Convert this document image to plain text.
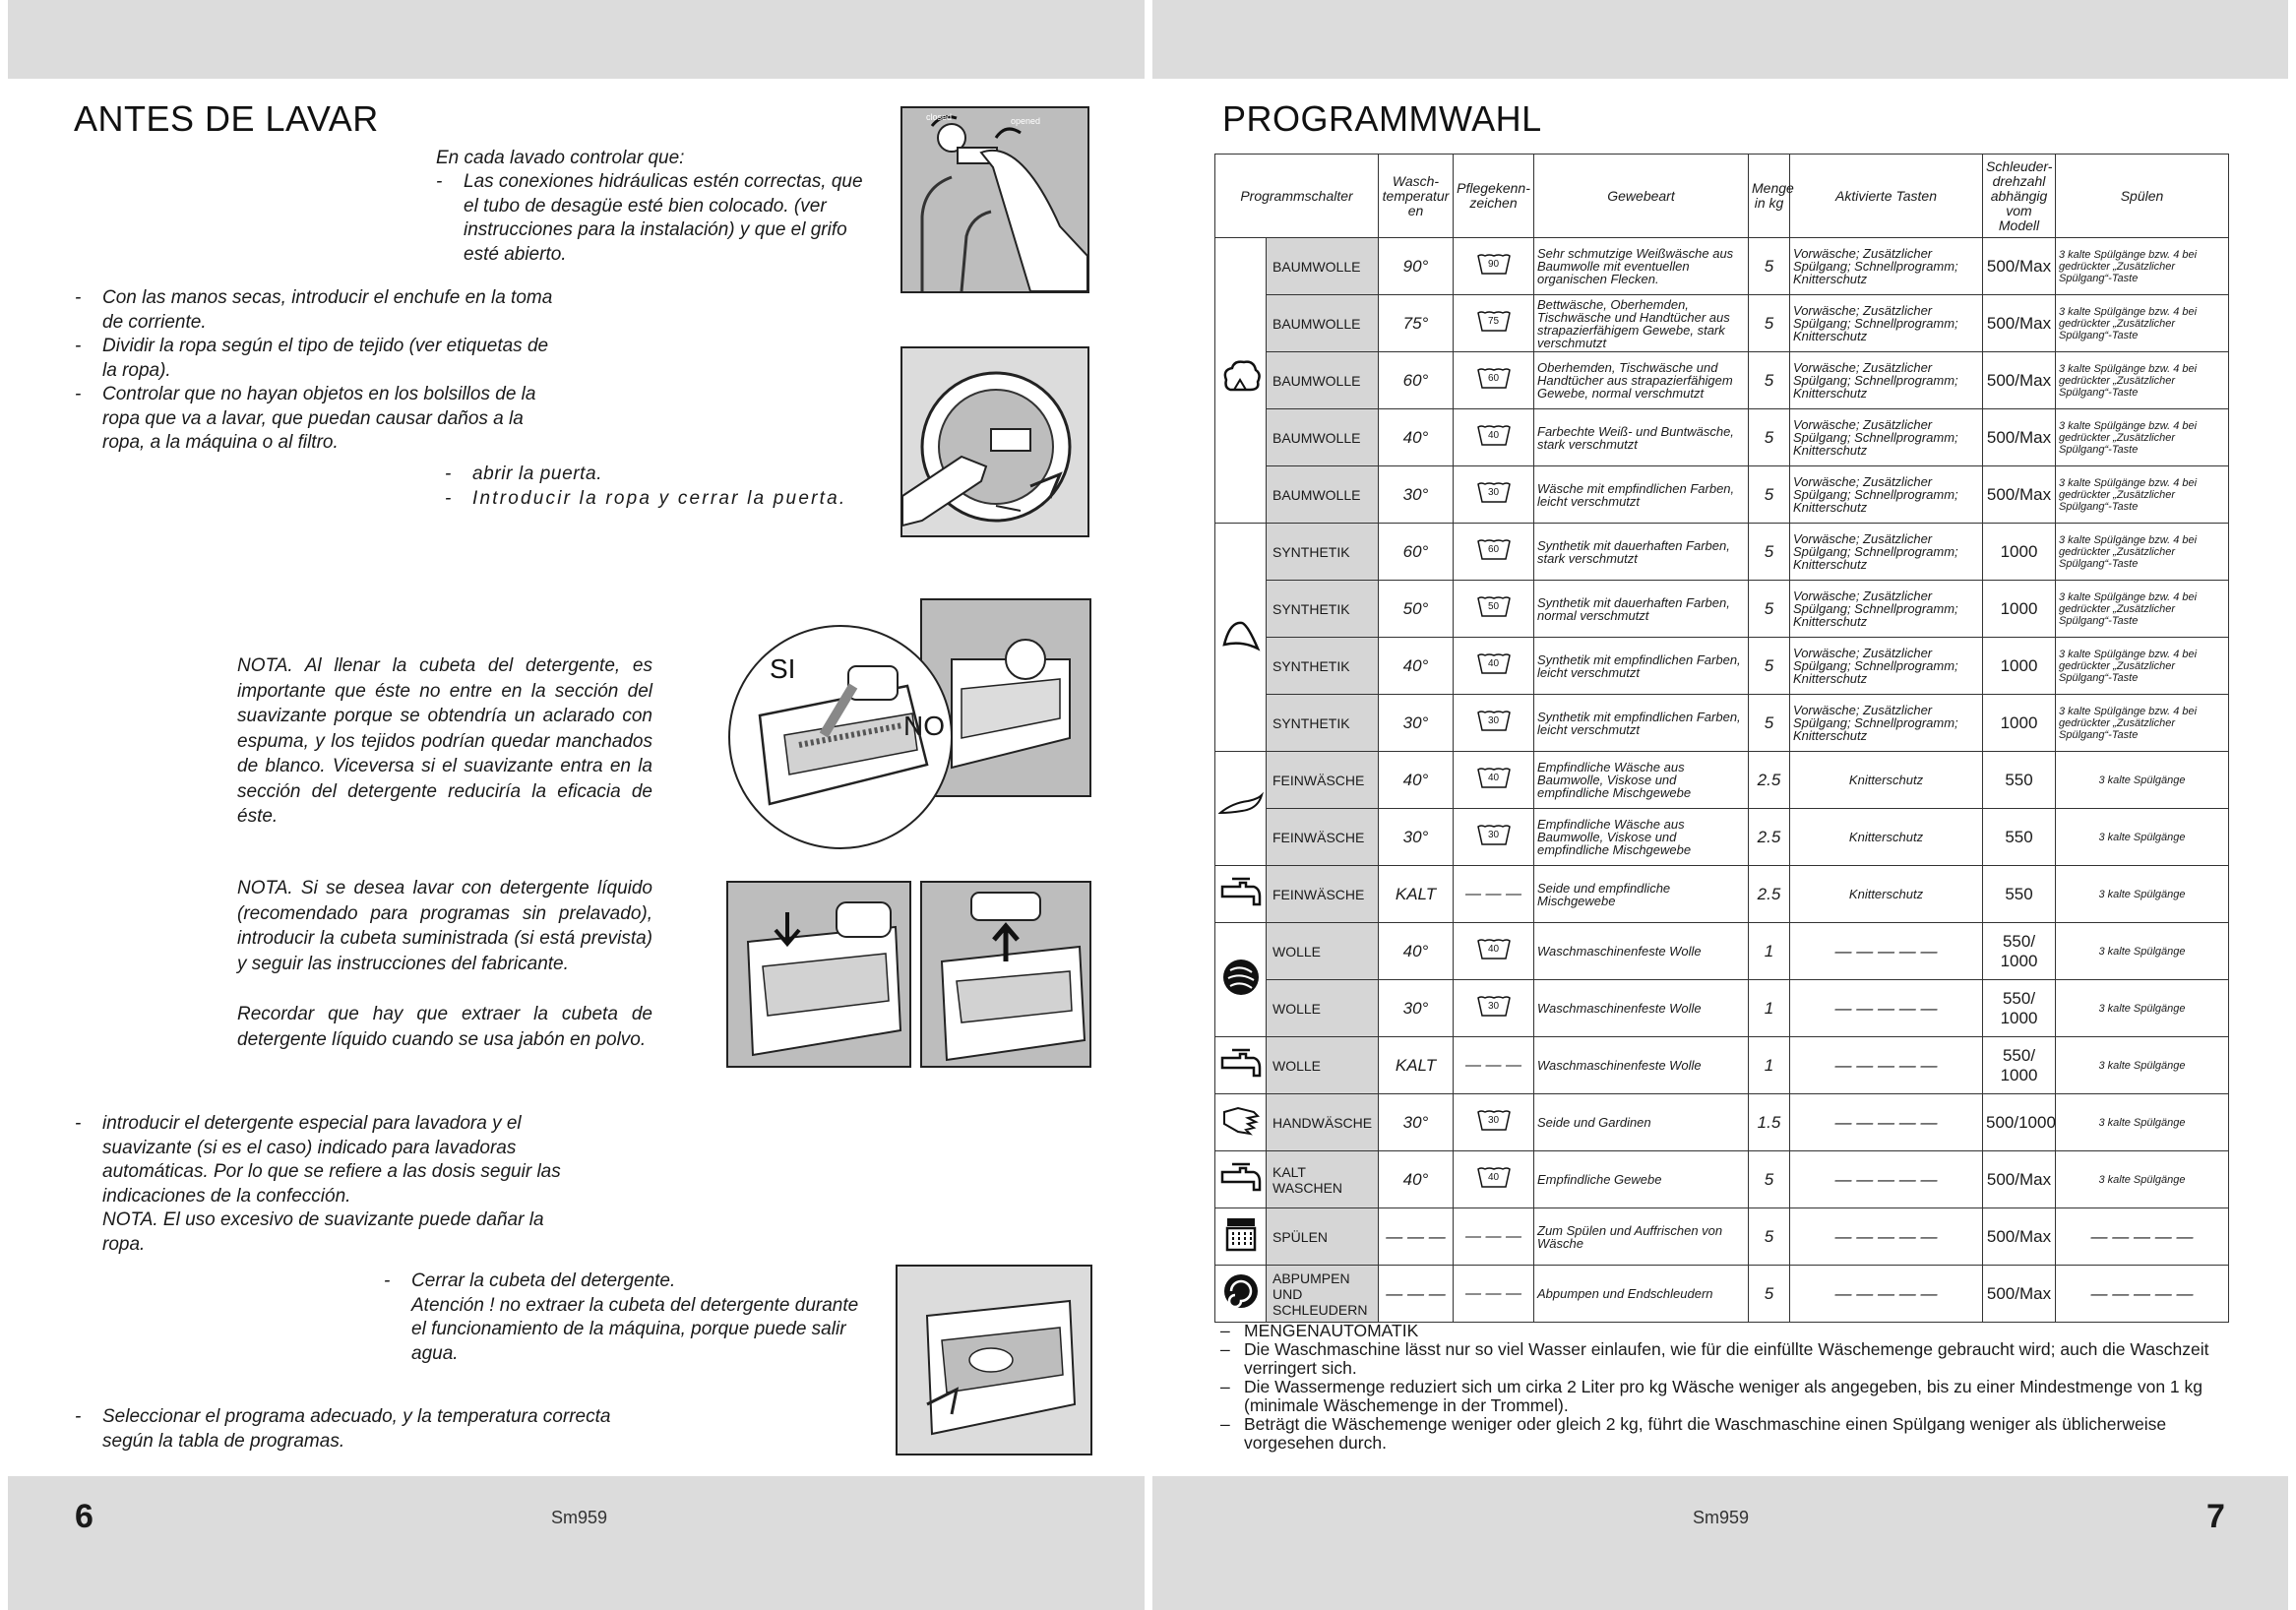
ANTES DE LAVAR

En cada lavado controlar que:

- Las conexiones hidráulicas estén correctas, que el tubo de desagüe esté bien colocado. (ver instrucciones para la instalación) y que el grifo esté abierto.
- Con las manos secas, introducir el enchufe en la toma de corriente.
- Dividir la ropa según el tipo de tejido (ver etiquetas de la ropa).
- Controlar que no hayan objetos en los bolsillos de la ropa que va a lavar, que puedan causar daños a la ropa, a la máquina o al filtro.
- abrir la puerta.
- Introducir la ropa y cerrar la puerta.

NOTA. Al llenar la cubeta del detergente, es importante que éste no entre en la sección del suavizante porque se obtendría un aclarado con espuma, y los tejidos podrían quedar manchados de blanco. Viceversa si el suavizante entra en la sección del detergente reduciría la eficacia de éste.

NOTA. Si se desea lavar con detergente líquido (recomendado para programas sin prelavado), introducir la cubeta suministrada (si está prevista) y seguir las instrucciones del fabricante.

Recordar que hay que extraer la cubeta de detergente líquido cuando se usa jabón en polvo.

- introducir el detergente especial para lavadora y el suavizante (si es el caso) indicado para lavadoras automáticas. Por lo que se refiere a las dosis seguir las indicaciones de la confección.
NOTA. El uso excesivo de suavizante puede dañar la ropa.
- Cerrar la cubeta del detergente.
Atención ! no extraer la cubeta del detergente durante el funcionamiento de la máquina, porque puede salir agua.
- Seleccionar el programa adecuado, y la temperatura correcta según la tabla de programas.
closed	opened
SI
NO
6	Sm959
PROGRAMMWAHL
Programmschalter		Wasch-temperatur en	Pflegekenn-zeichen	Gewebeart	Menge in kg	Aktivierte Tasten	Schleuder-drehzahl abhängig vom Modell	Spülen
	BAUMWOLLE	90°	90	Sehr schmutzige Weißwäsche aus Baumwolle mit eventuellen organischen Flecken.	5	Vorwäsche; Zusätzlicher Spülgang; Schnellprogramm; Knitterschutz	500/Max	3 kalte Spülgänge bzw. 4 bei gedrückter „Zusätzlicher Spülgang“-Taste
	BAUMWOLLE	75°	75	Bettwäsche, Oberhemden, Tischwäsche und Handtücher aus strapazierfähigem Gewebe, stark verschmutzt	5	Vorwäsche; Zusätzlicher Spülgang; Schnellprogramm; Knitterschutz	500/Max	3 kalte Spülgänge bzw. 4 bei gedrückter „Zusätzlicher Spülgang“-Taste
	BAUMWOLLE	60°	60	Oberhemden, Tischwäsche und Handtücher aus strapazierfähigem Gewebe, normal verschmutzt	5	Vorwäsche; Zusätzlicher Spülgang; Schnellprogramm; Knitterschutz	500/Max	3 kalte Spülgänge bzw. 4 bei gedrückter „Zusätzlicher Spülgang“-Taste
	BAUMWOLLE	40°	40	Farbechte Weiß- und Buntwäsche, stark verschmutzt	5	Vorwäsche; Zusätzlicher Spülgang; Schnellprogramm; Knitterschutz	500/Max	3 kalte Spülgänge bzw. 4 bei gedrückter „Zusätzlicher Spülgang“-Taste
	BAUMWOLLE	30°	30	Wäsche mit empfindlichen Farben, leicht verschmutzt	5	Vorwäsche; Zusätzlicher Spülgang; Schnellprogramm; Knitterschutz	500/Max	3 kalte Spülgänge bzw. 4 bei gedrückter „Zusätzlicher Spülgang“-Taste
	SYNTHETIK	60°	60	Synthetik mit dauerhaften Farben, stark verschmutzt	5	Vorwäsche; Zusätzlicher Spülgang; Schnellprogramm; Knitterschutz	1000	3 kalte Spülgänge bzw. 4 bei gedrückter „Zusätzlicher Spülgang“-Taste
	SYNTHETIK	50°	50	Synthetik mit dauerhaften Farben, normal verschmutzt	5	Vorwäsche; Zusätzlicher Spülgang; Schnellprogramm; Knitterschutz	1000	3 kalte Spülgänge bzw. 4 bei gedrückter „Zusätzlicher Spülgang“-Taste
	SYNTHETIK	40°	40	Synthetik mit empfindlichen Farben, leicht verschmutzt	5	Vorwäsche; Zusätzlicher Spülgang; Schnellprogramm; Knitterschutz	1000	3 kalte Spülgänge bzw. 4 bei gedrückter „Zusätzlicher Spülgang“-Taste
	SYNTHETIK	30°	30	Synthetik mit empfindlichen Farben, leicht verschmutzt	5	Vorwäsche; Zusätzlicher Spülgang; Schnellprogramm; Knitterschutz	1000	3 kalte Spülgänge bzw. 4 bei gedrückter „Zusätzlicher Spülgang“-Taste
	FEINWÄSCHE	40°	40	Empfindliche Wäsche aus Baumwolle, Viskose und empfindliche Mischgewebe	2.5	Knitterschutz	550	3 kalte Spülgänge
	FEINWÄSCHE	30°	30	Empfindliche Wäsche aus Baumwolle, Viskose und empfindliche Mischgewebe	2.5	Knitterschutz	550	3 kalte Spülgänge
	FEINWÄSCHE	KALT	— — —	Seide und empfindliche Mischgewebe	2.5	Knitterschutz	550	3 kalte Spülgänge
	WOLLE	40°	40	Waschmaschinenfeste Wolle	1	— — — — —	550/ 1000	3 kalte Spülgänge
	WOLLE	30°	30	Waschmaschinenfeste Wolle	1	— — — — —	550/ 1000	3 kalte Spülgänge
	WOLLE	KALT	— — —	Waschmaschinenfeste Wolle	1	— — — — —	550/ 1000	3 kalte Spülgänge
	HANDWÄSCHE	30°	30	Seide und Gardinen	1.5	— — — — —	500/1000	3 kalte Spülgänge
	KALT WASCHEN	40°	40	Empfindliche Gewebe	5	— — — — —	500/Max	3 kalte Spülgänge
	SPÜLEN	— — —	— — —	Zum Spülen und Auffrischen von Wäsche	5	— — — — —	500/Max	— — — — —
	ABPUMPEN UND SCHLEUDERN	— — —	— — —	Abpumpen und Endschleudern	5	— — — — —	500/Max	— — — — —
– MENGENAUTOMATIK
– Die Waschmaschine lässt nur so viel Wasser einlaufen, wie für die einfüllte Wäschemenge gebraucht wird; auch die Waschzeit verringert sich.
– Die Wassermenge reduziert sich um cirka 2 Liter pro kg Wäsche weniger als angegeben, bis zu einer Mindestmenge von 1 kg (minimale Wäschemenge in der Trommel).
– Beträgt die Wäschemenge weniger oder gleich 2 kg, führt die Waschmaschine einen Spülgang weniger als üblicherweise vorgesehen durch.
Sm959	7
